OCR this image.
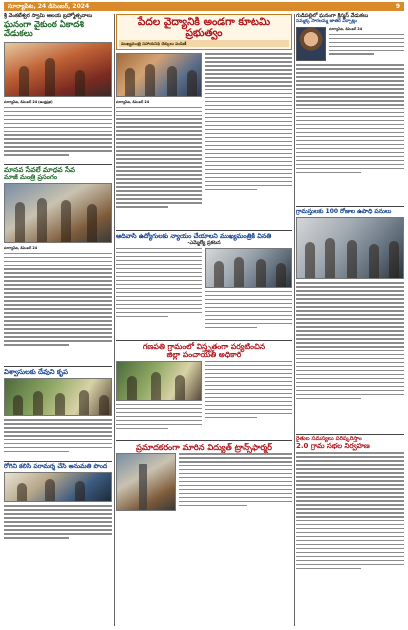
సూర్యాపేట, 24 డిసెంబర్, 2024	9
శ్రీ వెంకటేశ్వర స్వామి ఆలయ బ్రహ్మోత్సవాలు
ఘనంగా వైకుంఠ ఏకాదశి వేడుకలు
సూర్యాపేట, డిసెంబర్ 24 (ఆంధ్రప్రభ)
మానవ సేవలే మాధవ సేవ
మాజీ మంత్రి ప్రసంగం
సూర్యాపేట, డిసెంబర్ 24
విశ్వాసులకు దేవుని కృప
రోగిని కలిసి పరామర్శ చేసి అనుమతి పొంద
పేదల వైద్యానికి అండగా కూటమి ప్రభుత్వం
ముఖ్యమంత్రి సహాయనిధి చెక్కులు పంపిణీ
సూర్యాపేట, డిసెంబర్ 24
ఆదివాసి ఉద్యోగులకు న్యాయం చేయాలని ముఖ్యమంత్రికి వినతి
-ఎమ్మెల్యే ప్రకటన
గణపతి గ్రామంలో విస్తృతంగా పర్యటించిన
జిల్లా పంచాయతీ అధికారి
ప్రమాదకరంగా మారిన విద్యుత్ ట్రాన్స్‌ఫార్మర్
గుడిపల్లిలో ఘనంగా క్రిస్మస్ వేడుకలు
సమ్మక్క సారలమ్మ జాతర ఏర్పాట్లు
సూర్యాపేట, డిసెంబర్ 24
గ్రామస్తులకు 100 రోజుల ఉపాధి పనులు
రైతుల సమస్యలు పరిష్కరిస్తాం
2.0 గ్రామ సభల నిర్వహణ
